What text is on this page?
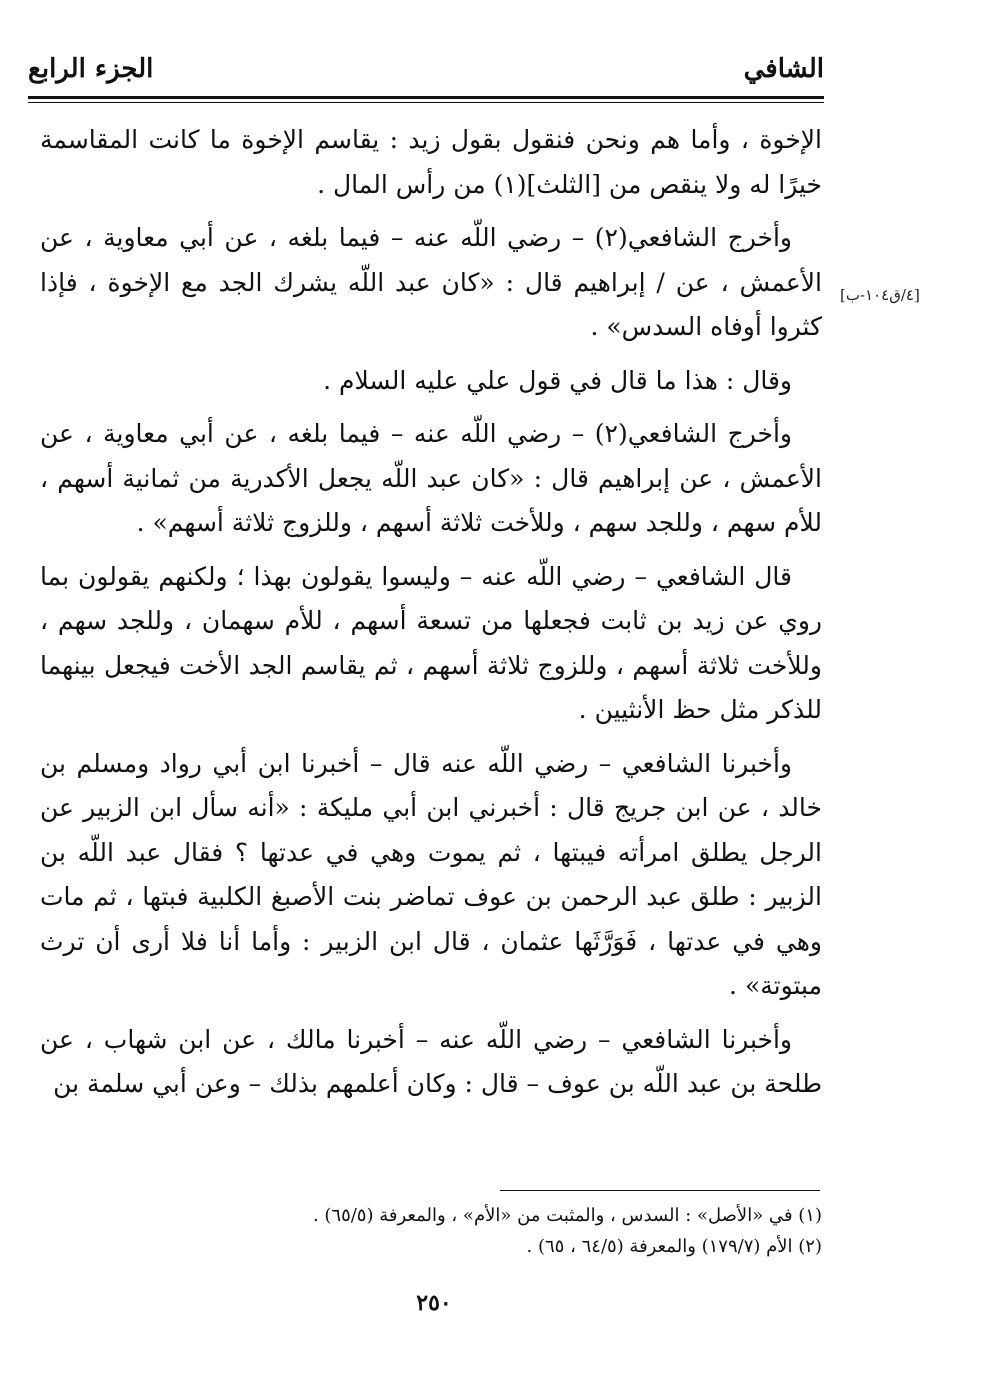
الشافي
الجزء الرابع
[٤/ق١٠٤-ب]

الإخوة ، وأما هم ونحن فنقول بقول زيد : يقاسم الإخوة ما كانت المقاسمة خيرًا له ولا ينقص من [الثلث](١) من رأس المال .

وأخرج الشافعي(٢) – رضي اللّه عنه – فيما بلغه ، عن أبي معاوية ، عن الأعمش ، عن / إبراهيم قال : «كان عبد اللّه يشرك الجد مع الإخوة ، فإذا كثروا أوفاه السدس» .

وقال : هذا ما قال في قول علي عليه السلام .

وأخرج الشافعي(٢) – رضي اللّه عنه – فيما بلغه ، عن أبي معاوية ، عن الأعمش ، عن إبراهيم قال : «كان عبد اللّه يجعل الأكدرية من ثمانية أسهم ، للأم سهم ، وللجد سهم ، وللأخت ثلاثة أسهم ، وللزوج ثلاثة أسهم» .

قال الشافعي – رضي اللّه عنه – وليسوا يقولون بهذا ؛ ولكنهم يقولون بما روي عن زيد بن ثابت فجعلها من تسعة أسهم ، للأم سهمان ، وللجد سهم ، وللأخت ثلاثة أسهم ، وللزوج ثلاثة أسهم ، ثم يقاسم الجد الأخت فيجعل بينهما للذكر مثل حظ الأنثيين .

وأخبرنا الشافعي – رضي اللّه عنه قال – أخبرنا ابن أبي رواد ومسلم بن خالد ، عن ابن جريج قال : أخبرني ابن أبي مليكة : «أنه سأل ابن الزبير عن الرجل يطلق امرأته فيبتها ، ثم يموت وهي في عدتها ؟ فقال عبد اللّه بن الزبير : طلق عبد الرحمن بن عوف تماضر بنت الأصبغ الكلبية فبتها ، ثم مات وهي في عدتها ، فَوَرَّثَها عثمان ، قال ابن الزبير : وأما أنا فلا أرى أن ترث مبتوتة» .

وأخبرنا الشافعي – رضي اللّه عنه – أخبرنا مالك ، عن ابن شهاب ، عن طلحة بن عبد اللّه بن عوف – قال : وكان أعلمهم بذلك – وعن أبي سلمة بن

(١) في «الأصل» : السدس ، والمثبت من «الأم» ، والمعرفة (٦٥/٥) .
(٢) الأم (١٧٩/٧) والمعرفة (٦٤/٥ ، ٦٥) .
٢٥٠
